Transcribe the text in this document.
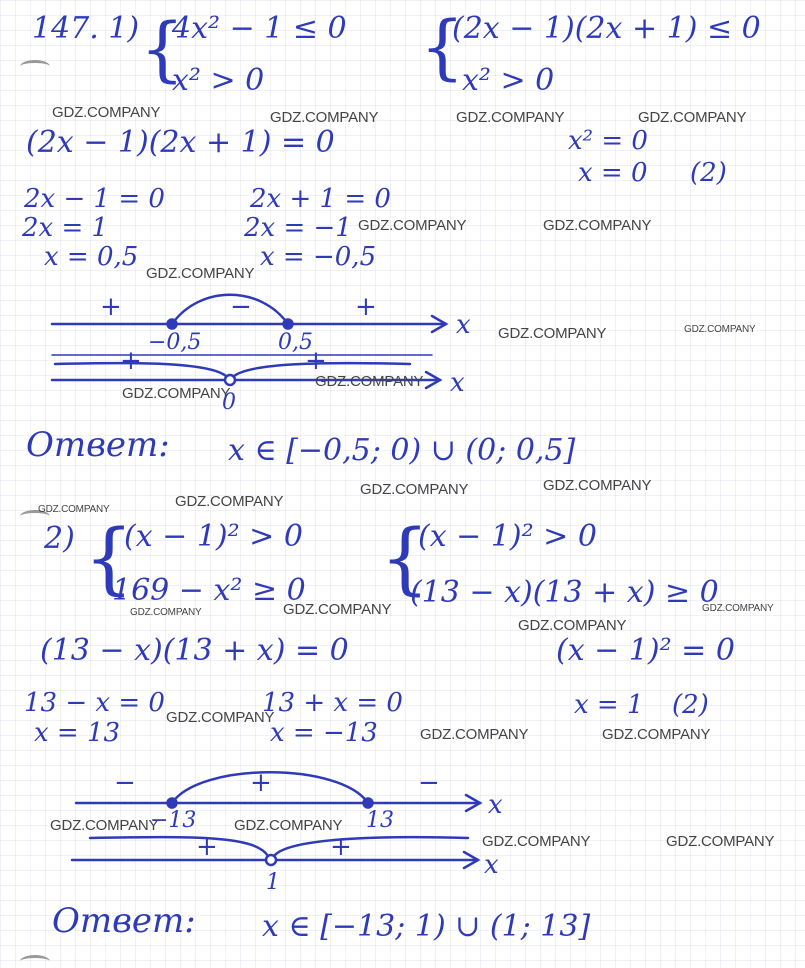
147. 1) {
4x² − 1 ≤ 0
x² > 0 {
(2x − 1)(2x + 1) ≤ 0
x² > 0
(2x − 1)(2x + 1) = 0
2x − 1 = 0
2x = 1
x = 0,5
2x + 1 = 0
2x = −1
x = −0,5
x² = 0
x = 0 (2)
+	−	+
−0,5	0,5
x
+	+
0
x
Ответ: x ∈ [−0,5; 0) ∪ (0; 0,5]
2) {
(x − 1)² > 0
169 − x² ≥ 0 {
(x − 1)² > 0
(13 − x)(13 + x) ≥ 0
(13 − x)(13 + x) = 0	(x − 1)² = 0
13 − x = 0
x = 13
13 + x = 0
x = −13
x = 1 (2)
−	+	−
−13	13
x
+	+
1
x
Ответ: x ∈ [−13; 1) ∪ (1; 13]
GDZ.COMPANY	GDZ.COMPANY	GDZ.COMPANY	GDZ.COMPANY
GDZ.COMPANY	GDZ.COMPANY
GDZ.COMPANY
GDZ.COMPANY	GDZ.COMPANY
GDZ.COMPANY
GDZ.COMPANY
GDZ.COMPANY
GDZ.COMPANY	GDZ.COMPANY
GDZ.COMPANY
GDZ.COMPANY	GDZ.COMPANY
GDZ.COMPANY
GDZ.COMPANY
GDZ.COMPANY
GDZ.COMPANY	GDZ.COMPANY
GDZ.COMPANY	GDZ.COMPANY
GDZ.COMPANY	GDZ.COMPANY
